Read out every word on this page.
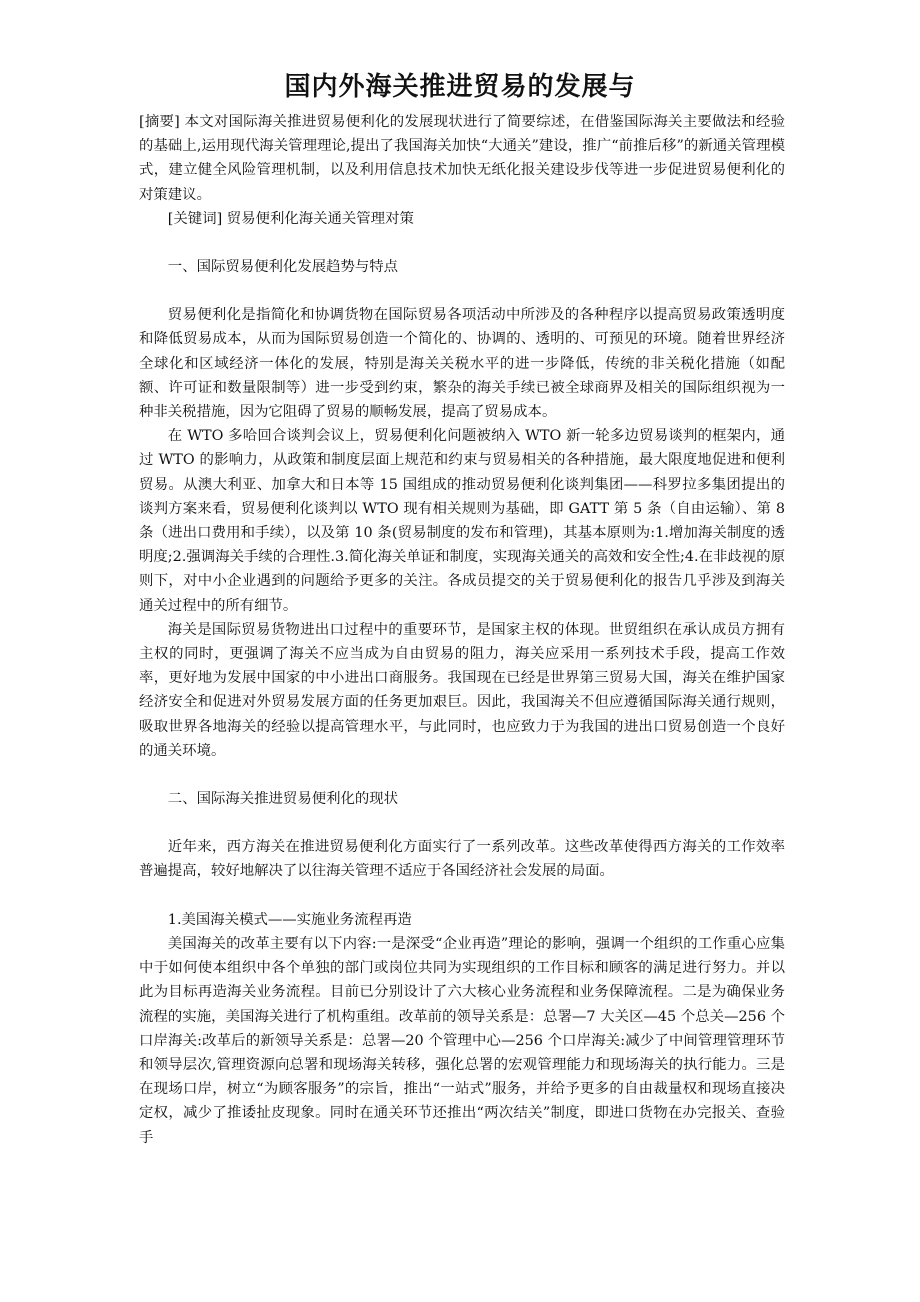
国内外海关推进贸易的发展与

[摘要] 本文对国际海关推进贸易便利化的发展现状进行了简要综述，在借鉴国际海关主要做法和经验的基础上,运用现代海关管理理论,提出了我国海关加快“大通关”建设，推广“前推后移”的新通关管理模式，建立健全风险管理机制，以及利用信息技术加快无纸化报关建设步伐等进一步促进贸易便利化的对策建议。

[关键词] 贸易便利化海关通关管理对策

一、国际贸易便利化发展趋势与特点

贸易便利化是指简化和协调货物在国际贸易各项活动中所涉及的各种程序以提高贸易政策透明度和降低贸易成本，从而为国际贸易创造一个简化的、协调的、透明的、可预见的环境。随着世界经济全球化和区域经济一体化的发展，特别是海关关税水平的进一步降低，传统的非关税化措施（如配额、许可证和数量限制等）进一步受到约束，繁杂的海关手续已被全球商界及相关的国际组织视为一种非关税措施，因为它阻碍了贸易的顺畅发展，提高了贸易成本。

在 WTO 多哈回合谈判会议上，贸易便利化问题被纳入 WTO 新一轮多边贸易谈判的框架内，通过 WTO 的影响力，从政策和制度层面上规范和约束与贸易相关的各种措施，最大限度地促进和便利贸易。从澳大利亚、加拿大和日本等 15 国组成的推动贸易便利化谈判集团——科罗拉多集团提出的谈判方案来看，贸易便利化谈判以 WTO 现有相关规则为基础，即 GATT 第 5 条（自由运输）、第 8 条（进出口费用和手续），以及第 10 条(贸易制度的发布和管理)，其基本原则为:1.增加海关制度的透明度;2.强调海关手续的合理性.3.简化海关单证和制度，实现海关通关的高效和安全性;4.在非歧视的原则下，对中小企业遇到的问题给予更多的关注。各成员提交的关于贸易便利化的报告几乎涉及到海关通关过程中的所有细节。

海关是国际贸易货物进出口过程中的重要环节，是国家主权的体现。世贸组织在承认成员方拥有主权的同时，更强调了海关不应当成为自由贸易的阻力，海关应采用一系列技术手段，提高工作效率，更好地为发展中国家的中小进出口商服务。我国现在已经是世界第三贸易大国，海关在维护国家经济安全和促进对外贸易发展方面的任务更加艰巨。因此，我国海关不但应遵循国际海关通行规则，吸取世界各地海关的经验以提高管理水平，与此同时，也应致力于为我国的进出口贸易创造一个良好的通关环境。

二、国际海关推进贸易便利化的现状

近年来，西方海关在推进贸易便利化方面实行了一系列改革。这些改革使得西方海关的工作效率普遍提高，较好地解决了以往海关管理不适应于各国经济社会发展的局面。

1.美国海关模式——实施业务流程再造

美国海关的改革主要有以下内容:一是深受“企业再造”理论的影响，强调一个组织的工作重心应集中于如何使本组织中各个单独的部门或岗位共同为实现组织的工作目标和顾客的满足进行努力。并以此为目标再造海关业务流程。目前已分别设计了六大核心业务流程和业务保障流程。二是为确保业务流程的实施，美国海关进行了机构重组。改革前的领导关系是：总署—7 大关区—45 个总关—256 个口岸海关:改革后的新领导关系是：总署—20 个管理中心—256 个口岸海关:减少了中间管理管理环节和领导层次,管理资源向总署和现场海关转移，强化总署的宏观管理能力和现场海关的执行能力。三是在现场口岸，树立“为顾客服务”的宗旨，推出“一站式”服务，并给予更多的自由裁量权和现场直接决定权，减少了推诿扯皮现象。同时在通关环节还推出“两次结关”制度，即进口货物在办完报关、查验手
